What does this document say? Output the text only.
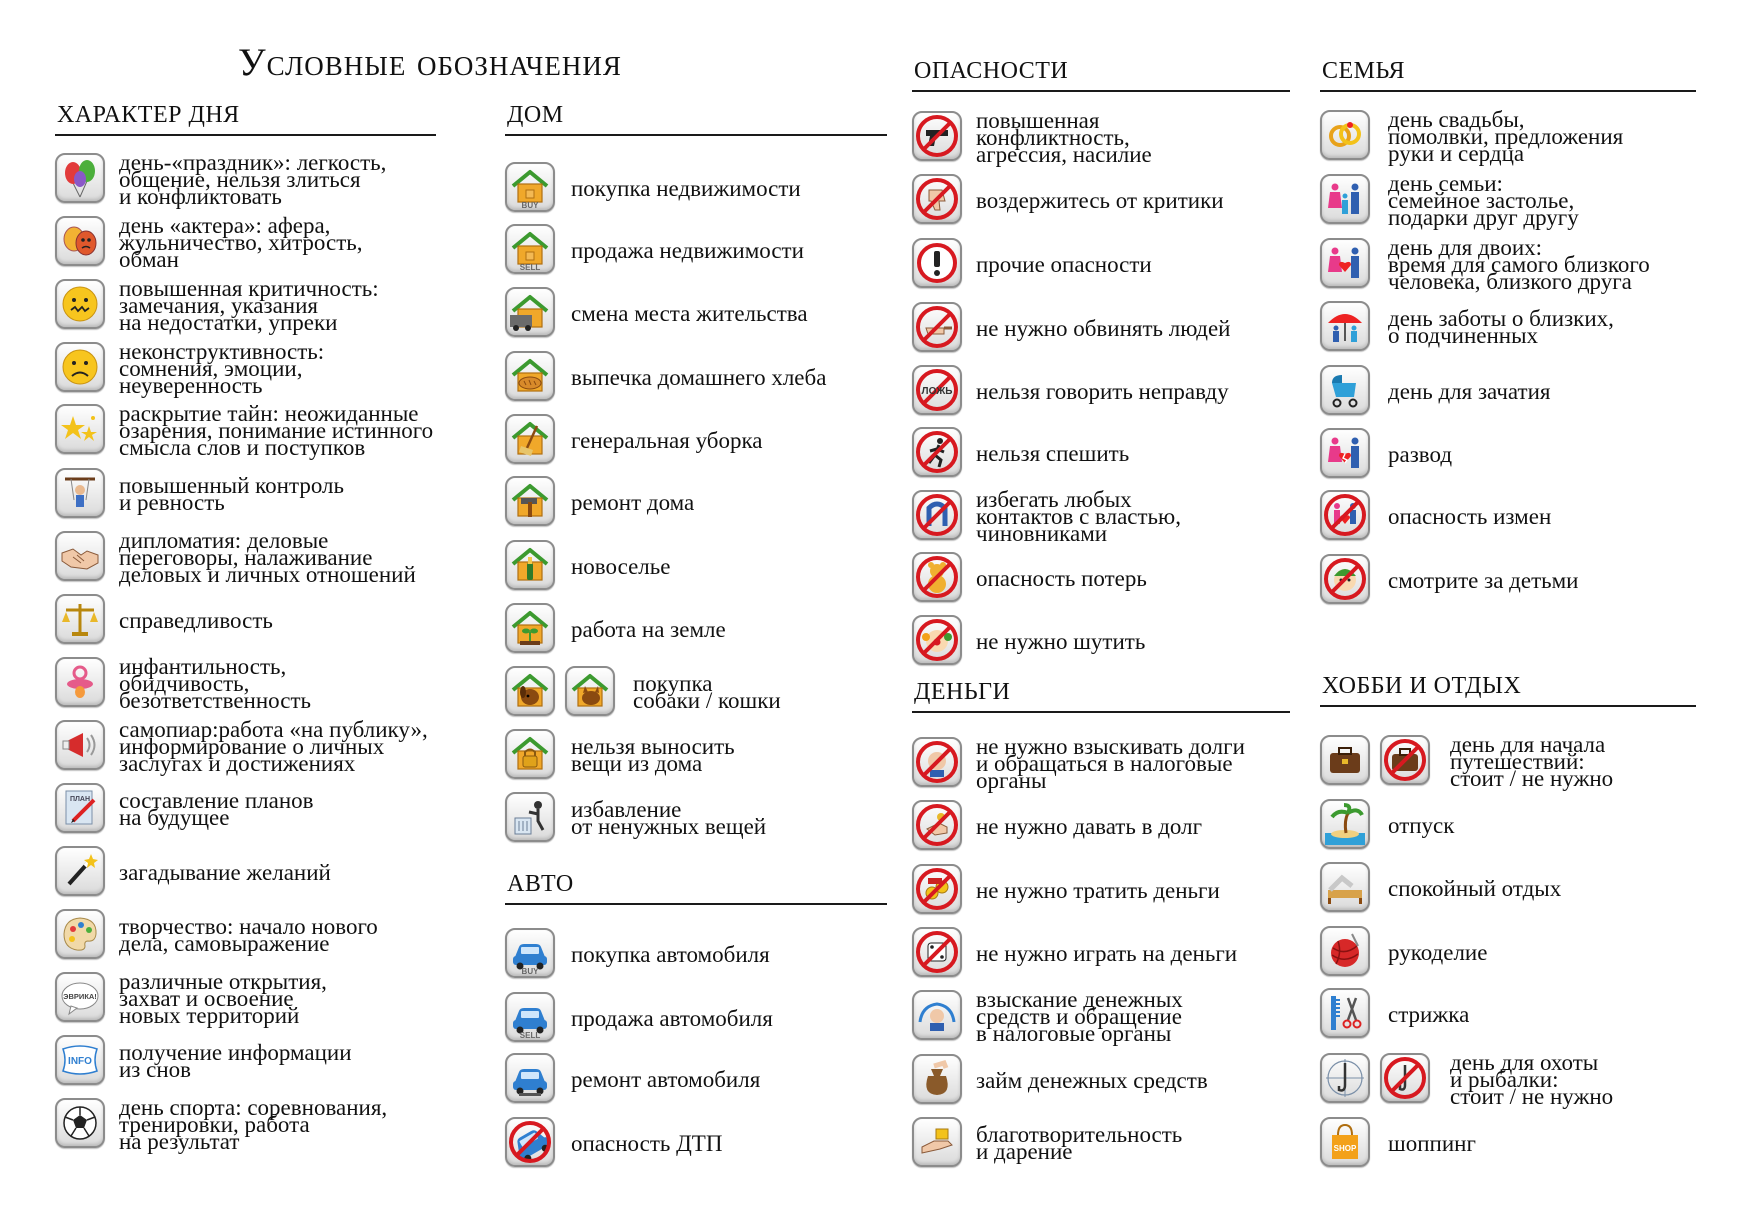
Условные обозначения
ХАРАКТЕР ДНЯ
день-«праздник»: легкость,
общение, нельзя злиться
и конфликтовать
день «актера»: афера,
жульничество, хитрость,
обман
повышенная критичность:
замечания, указания
на недостатки, упреки
неконструктивность:
сомнения, эмоции,
неуверенность
раскрытие тайн: неожиданные
озарения, понимание истинного
смысла слов и поступков
повышенный контроль
и ревность
дипломатия: деловые
переговоры, налаживание
деловых и личных отношений
справедливость
инфантильность,
обидчивость,
безответственность
самопиар:работа «на публику»,
информирование о личных
заслугах и достижениях
ПЛАН составление планов
на будущее
загадывание желаний
творчество: начало нового
дела, самовыражение
ЭВРИКА!
различные открытия,
захват и освоение
новых территорий
INFO получение информации
из снов
день спорта: соревнования,
тренировки, работа
на результат
ДОМ
BUY
покупка недвижимости
SELL
продажа недвижимости
смена места жительства
выпечка домашнего хлеба
генеральная уборка
ремонт дома
новоселье
работа на земле
покупка
собаки / кошки
нельзя выносить
вещи из дома
избавление
от ненужных вещей
АВТО
BUY
покупка автомобиля
SELL
продажа автомобиля
ремонт автомобиля
опасность ДТП
ОПАСНОСТИ
повышенная
конфликтность,
агрессия, насилие
воздержитесь от критики
прочие опасности
не нужно обвинять людей
ЛОЖЬ нельзя говорить неправду
нельзя спешить
избегать любых
контактов с властью,
чиновниками
опасность потерь
не нужно шутить
ДЕНЬГИ
не нужно взыскивать долги
и обращаться в налоговые
органы
не нужно давать в долг
не нужно тратить деньги
не нужно играть на деньги
взыскание денежных
средств и обращение
в налоговые органы
займ денежных средств
благотворительность
и дарение
СЕМЬЯ
день свадьбы,
помолвки, предложения
руки и сердца
день семьи:
семейное застолье,
подарки друг другу
день для двоих:
время для самого близкого
человека, близкого друга
день заботы о близких,
о подчиненных
день для зачатия
развод
опасность измен
смотрите за детьми
ХОББИ И ОТДЫХ
день для начала
путешествий:
стоит / не нужно
отпуск
спокойный отдых
рукоделие
стрижка
день для охоты
и рыбалки:
стоит / не нужно
SHOP шоппинг
